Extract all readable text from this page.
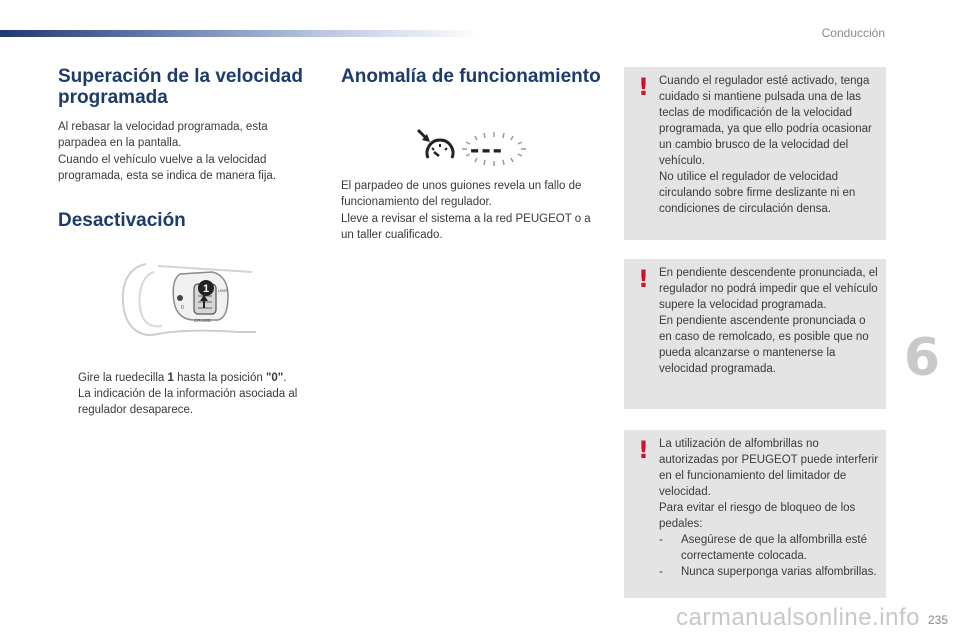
Conducción
6
Superación de la velocidad programada

Al rebasar la velocidad programada, esta parpadea en la pantalla.

Cuando el vehículo vuelve a la velocidad programada, esta se indica de manera fija.

Desactivación
0
LIMIT
CRUISE
1
Gire la ruedecilla 1 hasta la posición "0".
La indicación de la información asociada al regulador desaparece.
Anomalía de funcionamiento
---

El parpadeo de unos guiones revela un fallo de funcionamiento del regulador.

Lleve a revisar el sistema a la red PEUGEOT o a un taller cualificado.

! Cuando el regulador esté activado, tenga cuidado si mantiene pulsada una de las teclas de modificación de la velocidad programada, ya que ello podría ocasionar un cambio brusco de la velocidad del vehículo.
No utilice el regulador de velocidad circulando sobre firme deslizante ni en condiciones de circulación densa.
! En pendiente descendente pronunciada, el regulador no podrá impedir que el vehículo supere la velocidad programada.
En pendiente ascendente pronunciada o en caso de remolcado, es posible que no pueda alcanzarse o mantenerse la velocidad programada.
! La utilización de alfombrillas no autorizadas por PEUGEOT puede interferir en el funcionamiento del limitador de velocidad.
Para evitar el riesgo de bloqueo de los pedales:
-	Asegúrese de que la alfombrilla esté correctamente colocada.
-	Nunca superponga varias alfombrillas.
carmanualsonline.info 235
